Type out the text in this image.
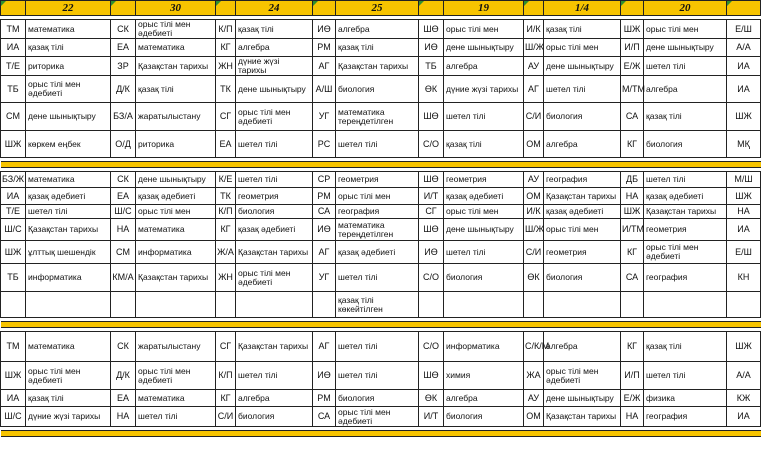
	22		30		24		25		19		1/4		20	

ТМ	математика	СК	орыс тілі мен әдебиеті	К/П	қазақ тілі	ИӨ	алгебра	ШӨ	орыс тілі мен	И/К	қазақ тілі	ШЖ	орыс тілі мен	Е/Ш
ИА	қазақ тілі	ЕА	математика	КГ	алгебра	РМ	қазақ тілі	ИӨ	дене шынықтыру	Ш/Ж	орыс тілі мен	И/П	дене шынықтыру	А/А
Т/Е	риторика	ЗР	Қазақстан тарихы	ЖН	дүние жүзі тарихы	АГ	Қазақстан тарихы	ТБ	алгебра	АУ	дене шынықтыру	Е/Ж	шетел тілі	ИА
ТБ	орыс тілі мен әдебиеті	Д/К	қазақ тілі	ТК	дене шынықтыру	А/Ш	биология	ӨК	дүние жүзі тарихы	АГ	шетел тілі	М/ТМ	алгебра	ИА
СМ	дене шынықтыру	БЗ/А	жаратылыстану	СГ	орыс тілі мен әдебиеті	УГ	математика тереңдетілген	ШӨ	шетел тілі	С/И	биология	СА	қазақ тілі	ШЖ
ШЖ	көркем еңбек	О/Д	риторика	ЕА	шетел тілі	РС	шетел тілі	С/О	қазақ тілі	ОМ	алгебра	КГ	биология	МҚ

БЗ/Ж	математика	СК	дене шынықтыру	К/Е	шетел тілі	СР	геометрия	ШӨ	геометрия	АУ	география	ДБ	шетел тілі	М/Ш
ИА	қазақ әдебиеті	ЕА	қазақ әдебиеті	ТК	геометрия	РМ	орыс тілі мен	И/Т	қазақ әдебиеті	ОМ	Қазақстан тарихы	НА	қазақ әдебиеті	ШЖ
Т/Е	шетел тілі	Ш/С	орыс тілі мен	К/П	биология	СА	география	СГ	орыс тілі мен	И/К	қазақ әдебиеті	ШЖ	Қазақстан тарихы	НА
Ш/С	Қазақстан тарихы	НА	математика	КГ	қазақ әдебиеті	ИӨ	математика тереңдетілген	ШӨ	дене шынықтыру	Ш/Ж	орыс тілі мен	И/ТМ	геометрия	ИА
ШЖ	ұлттық шешендік	СМ	информатика	Ж/А	Қазақстан тарихы	АГ	қазақ әдебиеті	ИӨ	шетел тілі	С/И	геометрия	КГ	орыс тілі мен әдебиеті	Е/Ш
ТБ	информатика	КМ/А	Қазақстан тарихы	ЖН	орыс тілі мен әдебиеті	УГ	шетел тілі	С/О	биология	ӨК	биология	СА	география	КН
							қазақ тілі көкейтілген							

ТМ	математика	СК	жаратылыстану	СГ	Қазақстан тарихы	АГ	шетел тілі	С/О	информатика	С/К/М	алгебра	КГ	қазақ тілі	ШЖ
ШЖ	орыс тілі мен әдебиеті	Д/К	орыс тілі мен әдебиеті	К/П	шетел тілі	ИӨ	шетел тілі	ШӨ	химия	ЖА	орыс тілі мен әдебиеті	И/П	шетел тілі	А/А
ИА	қазақ тілі	ЕА	математика	КГ	алгебра	РМ	биология	ӨК	алгебра	АУ	дене шынықтыру	Е/Ж	физика	КЖ
Ш/С	дүние жүзі тарихы	НА	шетел тілі	С/И	биология	СА	орыс тілі мен әдебиеті	И/Т	биология	ОМ	Қазақстан тарихы	НА	география	ИА
